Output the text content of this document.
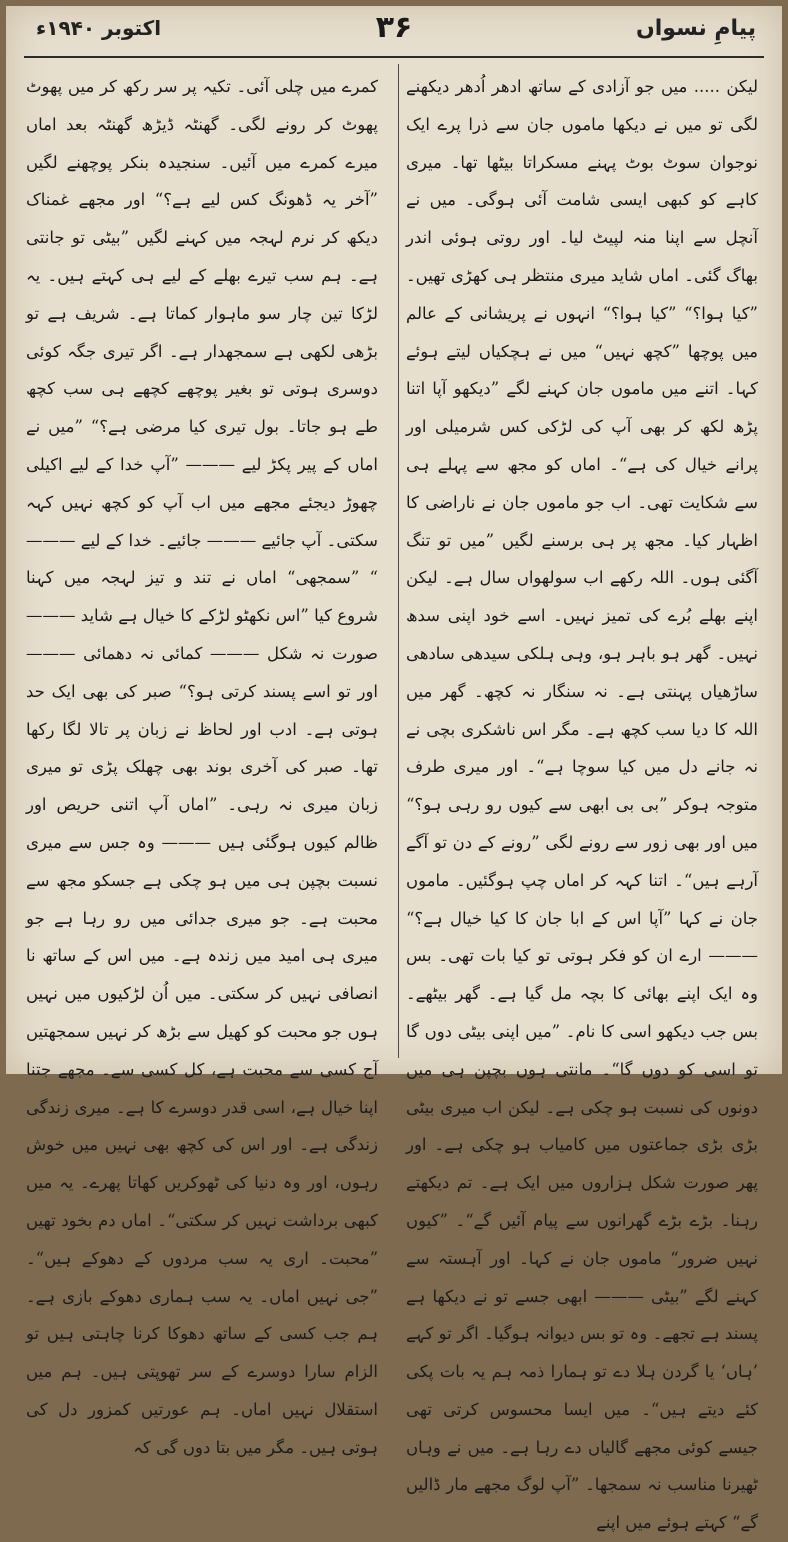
پیامِ نسواں
۳۶
اکتوبر ۱۹۴۰ء

لیکن ..... میں جو آزادی کے ساتھ ادھر اُدھر دیکھنے لگی تو میں نے دیکھا ماموں جان سے ذرا پرے ایک نوجوان سوٹ بوٹ پہنے مسکراتا بیٹھا تھا۔ میری کاہے کو کبھی ایسی شامت آئی ہوگی۔ میں نے آنچل سے اپنا منہ لپیٹ لیا۔ اور روتی ہوئی اندر بھاگ گئی۔ اماں شاید میری منتظر ہی کھڑی تھیں۔ ”کیا ہوا؟“ ”کیا ہوا؟“ انہوں نے پریشانی کے عالم میں پوچھا ”کچھ نہیں“ میں نے ہچکیاں لیتے ہوئے کہا۔ اتنے میں ماموں جان کہنے لگے ”دیکھو آپا اتنا پڑھ لکھ کر بھی آپ کی لڑکی کس شرمیلی اور پرانے خیال کی ہے“۔ اماں کو مجھ سے پہلے ہی سے شکایت تھی۔ اب جو ماموں جان نے ناراضی کا اظہار کیا۔ مجھ پر ہی برسنے لگیں ”میں تو تنگ آگئی ہوں۔ اللہ رکھے اب سولھواں سال ہے۔ لیکن اپنے بھلے بُرے کی تمیز نہیں۔ اسے خود اپنی سدھ نہیں۔ گھر ہو باہر ہو، وہی ہلکی سیدھی سادھی ساڑھیاں پہنتی ہے۔ نہ سنگار نہ کچھ۔ گھر میں اللہ کا دیا سب کچھ ہے۔ مگر اس ناشکری بچی نے نہ جانے دل میں کیا سوچا ہے“۔ اور میری طرف متوجہ ہوکر ”بی بی ابھی سے کیوں رو رہی ہو؟“ میں اور بھی زور سے رونے لگی ”رونے کے دن تو آگے آرہے ہیں“۔ اتنا کہہ کر اماں چپ ہوگئیں۔ ماموں جان نے کہا ”آپا اس کے ابا جان کا کیا خیال ہے؟“ ——— ارے ان کو فکر ہوتی تو کیا بات تھی۔ بس وہ ایک اپنے بھائی کا بچہ مل گیا ہے۔ گھر بیٹھے۔ بس جب دیکھو اسی کا نام۔ ”میں اپنی بیٹی دوں گا تو اسی کو دوں گا“۔ مانتی ہوں بچپن ہی میں دونوں کی نسبت ہو چکی ہے۔ لیکن اب میری بیٹی بڑی بڑی جماعتوں میں کامیاب ہو چکی ہے۔ اور پھر صورت شکل ہزاروں میں ایک ہے۔ تم دیکھتے رہنا۔ بڑے بڑے گھرانوں سے پیام آئیں گے“۔ ”کیوں نہیں ضرور“ ماموں جان نے کہا۔ اور آہستہ سے کہنے لگے ”بیٹی ——— ابھی جسے تو نے دیکھا ہے پسند ہے تجھے۔ وہ تو بس دیوانہ ہوگیا۔ اگر تو کہے ’ہاں‘ یا گردن ہلا دے تو ہمارا ذمہ ہم یہ بات پکی کئے دیتے ہیں“۔ میں ایسا محسوس کرتی تھی جیسے کوئی مجھے گالیاں دے رہا ہے۔ میں نے وہاں ٹھیرنا مناسب نہ سمجھا۔ ”آپ لوگ مجھے مار ڈالیں گے“ کہتے ہوئے میں اپنے

کمرے میں چلی آئی۔ تکیہ پر سر رکھ کر میں پھوٹ پھوٹ کر رونے لگی۔ گھنٹہ ڈیڑھ گھنٹہ بعد اماں میرے کمرے میں آئیں۔ سنجیدہ بنکر پوچھنے لگیں ”آخر یہ ڈھونگ کس لیے ہے؟“ اور مجھے غمناک دیکھ کر نرم لہجہ میں کہنے لگیں ”بیٹی تو جانتی ہے۔ ہم سب تیرے بھلے کے لیے ہی کہتے ہیں۔ یہ لڑکا تین چار سو ماہوار کماتا ہے۔ شریف ہے تو بڑھی لکھی ہے سمجھدار ہے۔ اگر تیری جگہ کوئی دوسری ہوتی تو بغیر پوچھے کچھے ہی سب کچھ طے ہو جاتا۔ بول تیری کیا مرضی ہے؟“ ”میں نے اماں کے پیر پکڑ لیے ——— ”آپ خدا کے لیے اکیلی چھوڑ دیجئے مجھے میں اب آپ کو کچھ نہیں کہہ سکتی۔ آپ جائیے ——— جائیے۔ خدا کے لیے ——— “ ”سمجھی“ اماں نے تند و تیز لہجہ میں کہنا شروع کیا ”اس نکھٹو لڑکے کا خیال ہے شاید ——— صورت نہ شکل ——— کمائی نہ دھمائی ——— اور تو اسے پسند کرتی ہو؟“ صبر کی بھی ایک حد ہوتی ہے۔ ادب اور لحاظ نے زبان پر تالا لگا رکھا تھا۔ صبر کی آخری بوند بھی چھلک پڑی تو میری زبان میری نہ رہی۔ ”اماں آپ اتنی حریص اور ظالم کیوں ہوگئی ہیں ——— وہ جس سے میری نسبت بچپن ہی میں ہو چکی ہے جسکو مجھ سے محبت ہے۔ جو میری جدائی میں رو رہا ہے جو میری ہی امید میں زندہ ہے۔ میں اس کے ساتھ نا انصافی نہیں کر سکتی۔ میں اُن لڑکیوں میں نہیں ہوں جو محبت کو کھیل سے بڑھ کر نہیں سمجھتیں آج کسی سے محبت ہے، کل کسی سے۔ مجھے جتنا اپنا خیال ہے، اسی قدر دوسرے کا ہے۔ میری زندگی زندگی ہے۔ اور اس کی کچھ بھی نہیں میں خوش رہوں، اور وہ دنیا کی ٹھوکریں کھاتا پھرے۔ یہ میں کبھی برداشت نہیں کر سکتی“۔ اماں دم بخود تھیں ”محبت۔ اری یہ سب مردوں کے دھوکے ہیں“۔ ”جی نہیں اماں۔ یہ سب ہماری دھوکے بازی ہے۔ ہم جب کسی کے ساتھ دھوکا کرنا چاہتی ہیں تو الزام سارا دوسرے کے سر تھوپتی ہیں۔ ہم میں استقلال نہیں اماں۔ ہم عورتیں کمزور دل کی ہوتی ہیں۔ مگر میں بتا دوں گی کہ
